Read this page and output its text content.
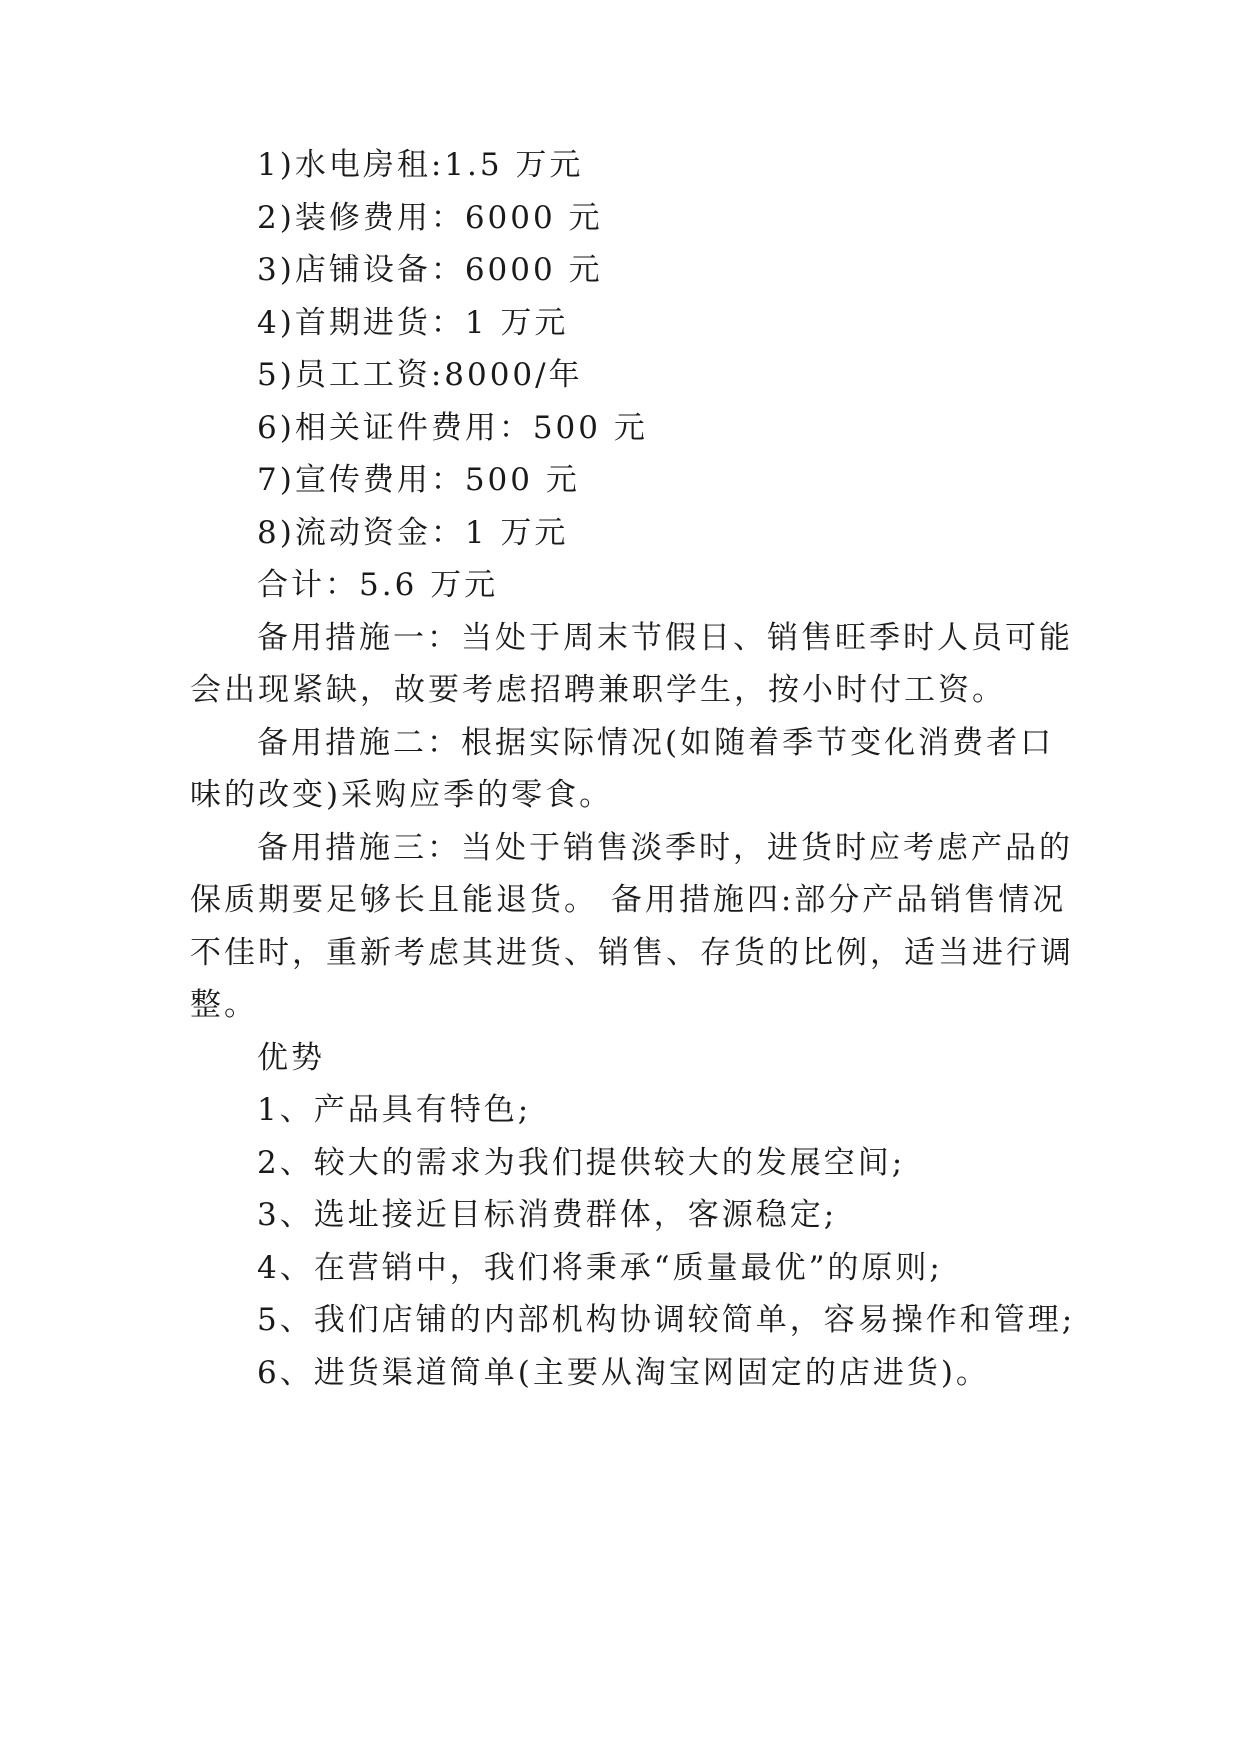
1)水电房租:1.5 万元
2)装修费用：6000 元
3)店铺设备：6000 元
4)首期进货：1 万元
5)员工工资:8000/年
6)相关证件费用：500 元
7)宣传费用：500 元
8)流动资金：1 万元
合计：5.6 万元
备用措施一：当处于周末节假日、销售旺季时人员可能
会出现紧缺，故要考虑招聘兼职学生，按小时付工资。
备用措施二：根据实际情况(如随着季节变化消费者口
味的改变)采购应季的零食。
备用措施三：当处于销售淡季时，进货时应考虑产品的
保质期要足够长且能退货。 备用措施四:部分产品销售情况
不佳时，重新考虑其进货、销售、存货的比例，适当进行调
整。
优势
1、产品具有特色;
2、较大的需求为我们提供较大的发展空间;
3、选址接近目标消费群体，客源稳定;
4、在营销中，我们将秉承“质量最优”的原则;
5、我们店铺的内部机构协调较简单，容易操作和管理;
6、进货渠道简单(主要从淘宝网固定的店进货)。
